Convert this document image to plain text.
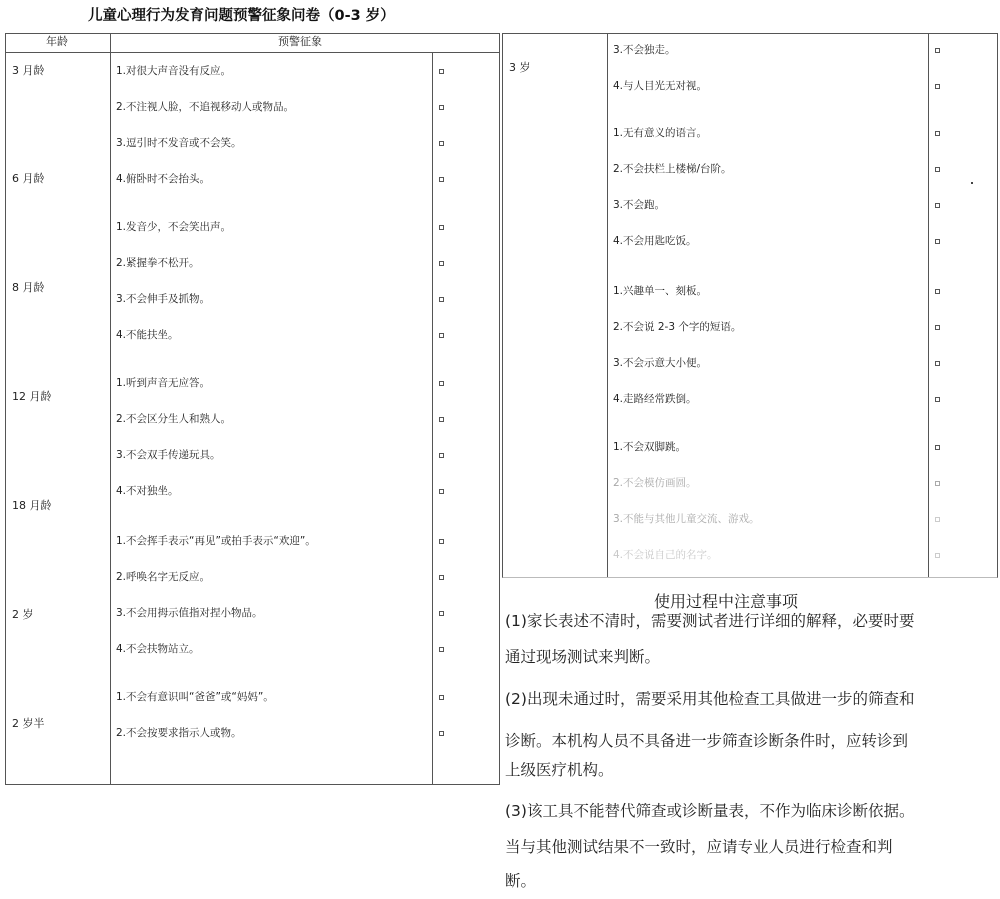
儿童心理行为发育问题预警征象问卷（0-3 岁）
年龄	预警征象
1.对很大声音没有反应。
2.不注视人脸，不追视移动人或物品。
3.逗引时不发音或不会笑。
4.俯卧时不会抬头。
1.发音少，不会笑出声。
2.紧握拳不松开。
3.不会伸手及抓物。
4.不能扶坐。
1.听到声音无应答。
2.不会区分生人和熟人。
3.不会双手传递玩具。
4.不对独坐。
1.不会挥手表示“再见”或拍手表示“欢迎”。
2.呼唤名字无反应。
3.不会用拇示值指对捏小物品。
4.不会扶物站立。
1.不会有意识叫“爸爸”或“妈妈”。
2.不会按要求指示人或物。
3 月龄
6 月龄
8 月龄
12 月龄
18 月龄
2 岁
2 岁半
3.不会独走。
4.与人目光无对视。
1.无有意义的语言。
2.不会扶栏上楼梯/台阶。
3.不会跑。
4.不会用匙吃饭。
1.兴趣单一、刻板。
2.不会说 2-3 个字的短语。
3.不会示意大小便。
4.走路经常跌倒。
1.不会双脚跳。
2.不会模仿画圆。
3.不能与其他儿童交流、游戏。
4.不会说自己的名字。
3 岁
使用过程中注意事项
(1)家长表述不清时，需要测试者进行详细的解释，必要时要
通过现场测试来判断。
(2)出现未通过时，需要采用其他检查工具做进一步的筛查和
诊断。本机构人员不具备进一步筛查诊断条件时，应转诊到
上级医疗机构。
(3)该工具不能替代筛查或诊断量表，不作为临床诊断依据。
当与其他测试结果不一致时，应请专业人员进行检查和判
断。
